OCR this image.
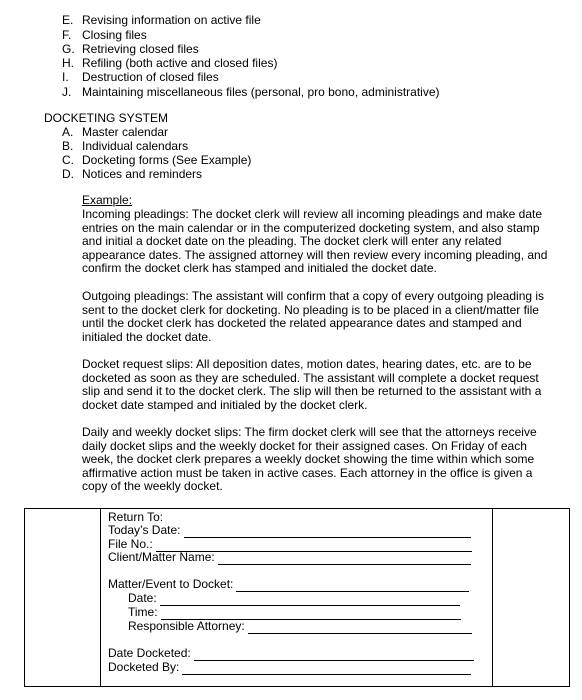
E. Revising information on active file
F. Closing files
G. Retrieving closed files
H. Refiling (both active and closed files)
I. Destruction of closed files
J. Maintaining miscellaneous files (personal, pro bono, administrative)
DOCKETING SYSTEM
A. Master calendar
B. Individual calendars
C. Docketing forms (See Example)
D. Notices and reminders
Example:
Incoming pleadings: The docket clerk will review all incoming pleadings and make date
entries on the main calendar or in the computerized docketing system, and also stamp
and initial a docket date on the pleading. The docket clerk will enter any related
appearance dates. The assigned attorney will then review every incoming pleading, and
confirm the docket clerk has stamped and initialed the docket date.
Outgoing pleadings: The assistant will confirm that a copy of every outgoing pleading is
sent to the docket clerk for docketing. No pleading is to be placed in a client/matter file
until the docket clerk has docketed the related appearance dates and stamped and
initialed the docket date.
Docket request slips: All deposition dates, motion dates, hearing dates, etc. are to be
docketed as soon as they are scheduled. The assistant will complete a docket request
slip and send it to the docket clerk. The slip will then be returned to the assistant with a
docket date stamped and initialed by the docket clerk.
Daily and weekly docket slips: The firm docket clerk will see that the attorneys receive
daily docket slips and the weekly docket for their assigned cases. On Friday of each
week, the docket clerk prepares a weekly docket showing the time within which some
affirmative action must be taken in active cases. Each attorney in the office is given a
copy of the weekly docket.
Return To:
Today’s Date:
File No.:
Client/Matter Name:
Matter/Event to Docket:
Date:
Time:
Responsible Attorney:
Date Docketed:
Docketed By:
